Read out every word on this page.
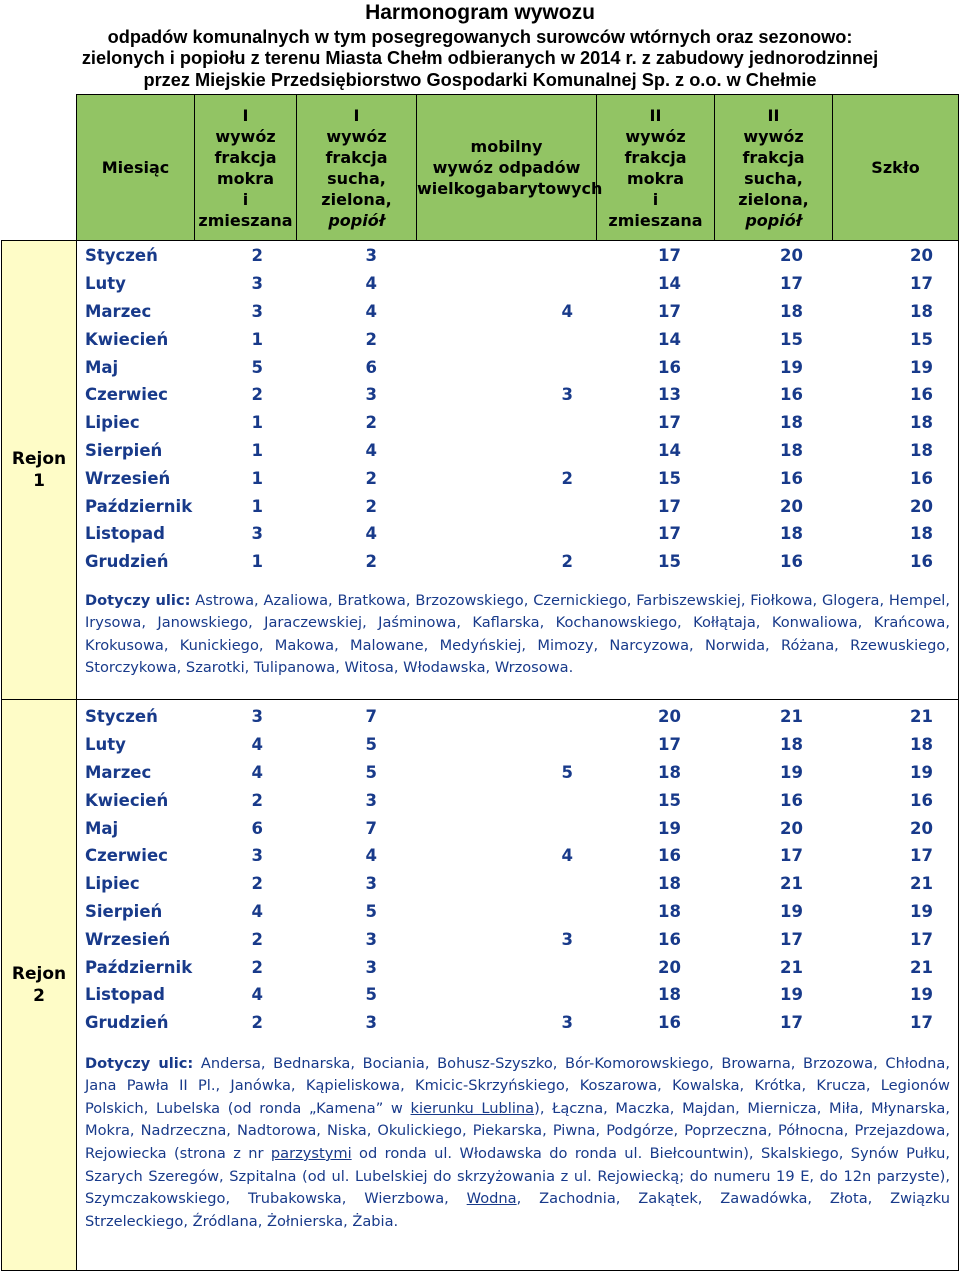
Harmonogram wywozu
odpadów komunalnych w tym posegregowanych surowców wtórnych oraz sezonowo:
zielonych i popiołu z terenu Miasta Chełm odbieranych w 2014 r. z zabudowy jednorodzinnej
przez Miejskie Przedsiębiorstwo Gospodarki Komunalnej Sp. z o.o. w Chełmie
	Miesiąc	I
wywóz
frakcja
mokra
i
zmieszana	I
wywóz
frakcja
sucha,
zielona,
popiół	mobilny
wywóz odpadów
wielkogabarytowych	II
wywóz
frakcja
mokra
i
zmieszana	II
wywóz
frakcja
sucha,
zielona,
popiół	Szkło
Rejon
1	
Styczeń	2	3		17	20	20
Luty	3	4		14	17	17
Marzec	3	4	4	17	18	18
Kwiecień	1	2		14	15	15
Maj	5	6		16	19	19
Czerwiec	2	3	3	13	16	16
Lipiec	1	2		17	18	18
Sierpień	1	4		14	18	18
Wrzesień	1	2	2	15	16	16
Październik	1	2		17	20	20
Listopad	3	4		17	18	18
Grudzień	1	2	2	15	16	16
Dotyczy ulic: Astrowa, Azaliowa, Bratkowa, Brzozowskiego, Czernickiego, Farbiszewskiej, Fiołkowa, Glogera, Hempel, Irysowa, Janowskiego, Jaraczewskiej, Jaśminowa, Kaflarska, Kochanowskiego, Kołłątaja, Konwaliowa, Krańcowa, Krokusowa, Kunickiego, Makowa, Malowane, Medyńskiej, Mimozy, Narcyzowa, Norwida, Różana, Rzewuskiego, Storczykowa, Szarotki, Tulipanowa, Witosa, Włodawska, Wrzosowa.

Rejon
2	
Styczeń	3	7		20	21	21
Luty	4	5		17	18	18
Marzec	4	5	5	18	19	19
Kwiecień	2	3		15	16	16
Maj	6	7		19	20	20
Czerwiec	3	4	4	16	17	17
Lipiec	2	3		18	21	21
Sierpień	4	5		18	19	19
Wrzesień	2	3	3	16	17	17
Październik	2	3		20	21	21
Listopad	4	5		18	19	19
Grudzień	2	3	3	16	17	17
Dotyczy ulic: Andersa, Bednarska, Bociania, Bohusz-Szyszko, Bór-Komorowskiego, Browarna, Brzozowa, Chłodna, Jana Pawła II Pl., Janówka, Kąpieliskowa, Kmicic-Skrzyńskiego, Koszarowa, Kowalska, Krótka, Krucza, Legionów Polskich, Lubelska (od ronda „Kamena” w kierunku Lublina), Łączna, Maczka, Majdan, Miernicza, Miła, Młynarska, Mokra, Nadrzeczna, Nadtorowa, Niska, Okulickiego, Piekarska, Piwna, Podgórze, Poprzeczna, Północna, Przejazdowa, Rejowiecka (strona z nr parzystymi od ronda ul. Włodawska do ronda ul. Biełcountwin), Skalskiego, Synów Pułku, Szarych Szeregów, Szpitalna (od ul. Lubelskiej do skrzyżowania z ul. Rejowiecką; do numeru 19 E, do 12n parzyste), Szymczakowskiego, Trubakowska, Wierzbowa, Wodna, Zachodnia, Zakątek, Zawadówka, Złota, Związku Strzeleckiego, Źródlana, Żołnierska, Żabia.
